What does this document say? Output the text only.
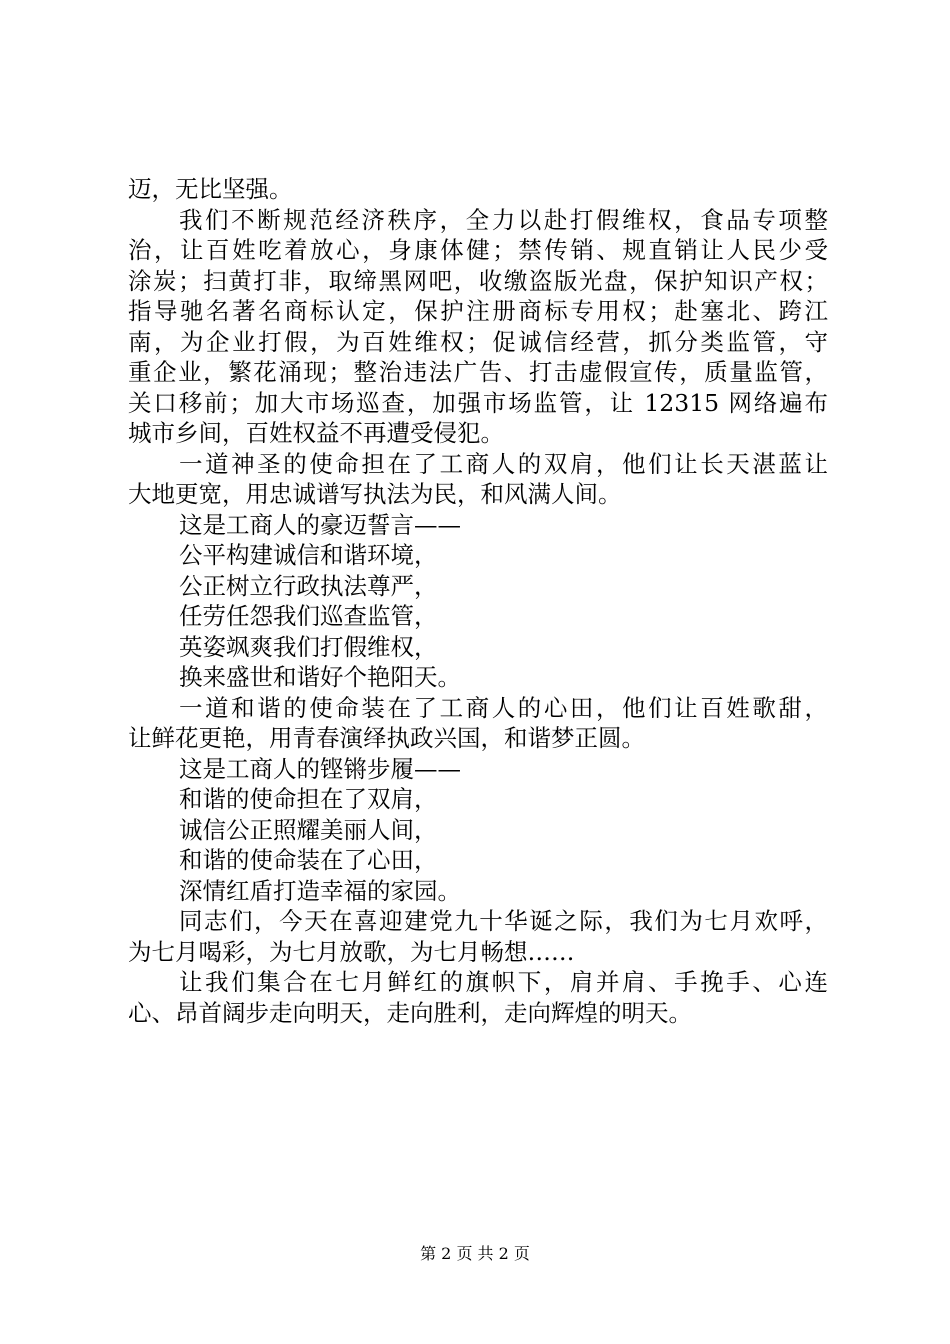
迈，无比坚强。
我们不断规范经济秩序，全力以赴打假维权，食品专项整
治，让百姓吃着放心，身康体健；禁传销、规直销让人民少受
涂炭；扫黄打非，取缔黑网吧，收缴盗版光盘，保护知识产权；
指导驰名著名商标认定，保护注册商标专用权；赴塞北、跨江
南，为企业打假，为百姓维权；促诚信经营，抓分类监管，守
重企业，繁花涌现；整治违法广告、打击虚假宣传，质量监管，
关口移前；加大市场巡查，加强市场监管，让 12315 网络遍布
城市乡间，百姓权益不再遭受侵犯。
一道神圣的使命担在了工商人的双肩，他们让长天湛蓝让
大地更宽，用忠诚谱写执法为民，和风满人间。
这是工商人的豪迈誓言——
公平构建诚信和谐环境，
公正树立行政执法尊严，
任劳任怨我们巡查监管，
英姿飒爽我们打假维权，
换来盛世和谐好个艳阳天。
一道和谐的使命装在了工商人的心田，他们让百姓歌甜，
让鲜花更艳，用青春演绎执政兴国，和谐梦正圆。
这是工商人的铿锵步履——
和谐的使命担在了双肩，
诚信公正照耀美丽人间，
和谐的使命装在了心田，
深情红盾打造幸福的家园。
同志们，今天在喜迎建党九十华诞之际，我们为七月欢呼，
为七月喝彩，为七月放歌，为七月畅想……
让我们集合在七月鲜红的旗帜下，肩并肩、手挽手、心连
心、昂首阔步走向明天，走向胜利，走向辉煌的明天。
第 2 页 共 2 页
